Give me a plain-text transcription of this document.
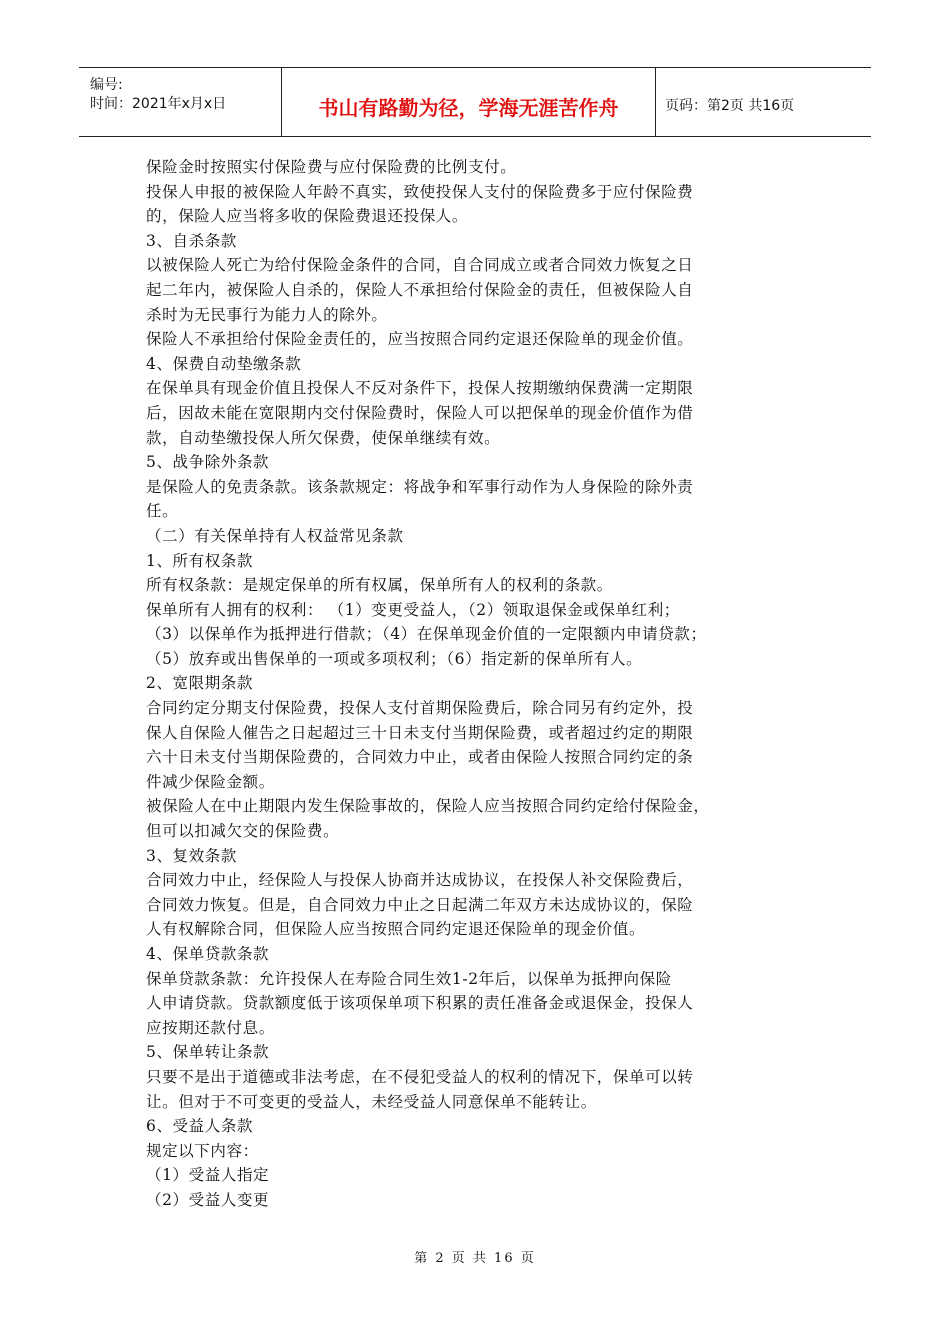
编号:
时间：2021年x月x日	书山有路勤为径，学海无涯苦作舟	页码：第2页 共16页

保险金时按照实付保险费与应付保险费的比例支付。

投保人申报的被保险人年龄不真实，致使投保人支付的保险费多于应付保险费

的，保险人应当将多收的保险费退还投保人。

3、自杀条款

以被保险人死亡为给付保险金条件的合同，自合同成立或者合同效力恢复之日

起二年内，被保险人自杀的，保险人不承担给付保险金的责任，但被保险人自

杀时为无民事行为能力人的除外。

保险人不承担给付保险金责任的，应当按照合同约定退还保险单的现金价值。

4、保费自动垫缴条款

在保单具有现金价值且投保人不反对条件下，投保人按期缴纳保费满一定期限

后，因故未能在宽限期内交付保险费时，保险人可以把保单的现金价值作为借

款，自动垫缴投保人所欠保费，使保单继续有效。

5、战争除外条款

是保险人的免责条款。该条款规定：将战争和军事行动作为人身保险的除外责

任。

（二）有关保单持有人权益常见条款

1、所有权条款

所有权条款：是规定保单的所有权属，保单所有人的权利的条款。

保单所有人拥有的权利： （1）变更受益人，（2）领取退保金或保单红利；

（3）以保单作为抵押进行借款；（4）在保单现金价值的一定限额内申请贷款；

（5）放弃或出售保单的一项或多项权利；（6）指定新的保单所有人。

2、宽限期条款

合同约定分期支付保险费，投保人支付首期保险费后，除合同另有约定外，投

保人自保险人催告之日起超过三十日未支付当期保险费，或者超过约定的期限

六十日未支付当期保险费的，合同效力中止，或者由保险人按照合同约定的条

件减少保险金额。

被保险人在中止期限内发生保险事故的，保险人应当按照合同约定给付保险金，

但可以扣减欠交的保险费。

3、复效条款

合同效力中止，经保险人与投保人协商并达成协议，在投保人补交保险费后，

合同效力恢复。但是，自合同效力中止之日起满二年双方未达成协议的，保险

人有权解除合同，但保险人应当按照合同约定退还保险单的现金价值。

4、保单贷款条款

保单贷款条款：允许投保人在寿险合同生效1-2年后，以保单为抵押向保险

人申请贷款。贷款额度低于该项保单项下积累的责任准备金或退保金，投保人

应按期还款付息。

5、保单转让条款

只要不是出于道德或非法考虑，在不侵犯受益人的权利的情况下，保单可以转

让。但对于不可变更的受益人，未经受益人同意保单不能转让。

6、受益人条款

规定以下内容：

（1）受益人指定

（2）受益人变更

第 2 页 共 16 页
